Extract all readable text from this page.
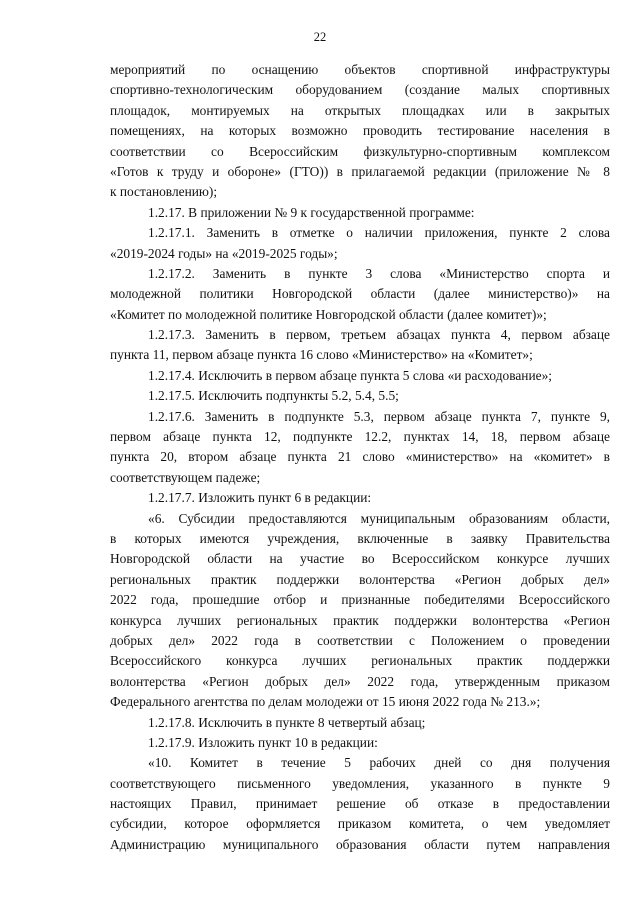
22
мероприятий по оснащению объектов спортивной инфраструктуры
спортивно-технологическим оборудованием (создание малых спортивных
площадок, монтируемых на открытых площадках или в закрытых
помещениях, на которых возможно проводить тестирование населения в
соответствии со Всероссийским физкультурно-спортивным комплексом
«Готов к труду и обороне» (ГТО)) в прилагаемой редакции (приложение № 8
к постановлению);
1.2.17. В приложении № 9 к государственной программе:
1.2.17.1. Заменить в отметке о наличии приложения, пункте 2 слова
«2019-2024 годы» на «2019-2025 годы»;
1.2.17.2. Заменить в пункте 3 слова «Министерство спорта и
молодежной политики Новгородской области (далее министерство)» на
«Комитет по молодежной политике Новгородской области (далее комитет)»;
1.2.17.3. Заменить в первом, третьем абзацах пункта 4, первом абзаце
пункта 11, первом абзаце пункта 16 слово «Министерство» на «Комитет»;
1.2.17.4. Исключить в первом абзаце пункта 5 слова «и расходование»;
1.2.17.5. Исключить подпункты 5.2, 5.4, 5.5;
1.2.17.6. Заменить в подпункте 5.3, первом абзаце пункта 7, пункте 9,
первом абзаце пункта 12, подпункте 12.2, пунктах 14, 18, первом абзаце
пункта 20, втором абзаце пункта 21 слово «министерство» на «комитет» в
соответствующем падеже;
1.2.17.7. Изложить пункт 6 в редакции:
«6. Субсидии предоставляются муниципальным образованиям области,
в которых имеются учреждения, включенные в заявку Правительства
Новгородской области на участие во Всероссийском конкурсе лучших
региональных практик поддержки волонтерства «Регион добрых дел»
2022 года, прошедшие отбор и признанные победителями Всероссийского
конкурса лучших региональных практик поддержки волонтерства «Регион
добрых дел» 2022 года в соответствии с Положением о проведении
Всероссийского конкурса лучших региональных практик поддержки
волонтерства «Регион добрых дел» 2022 года, утвержденным приказом
Федерального агентства по делам молодежи от 15 июня 2022 года № 213.»;
1.2.17.8. Исключить в пункте 8 четвертый абзац;
1.2.17.9. Изложить пункт 10 в редакции:
«10. Комитет в течение 5 рабочих дней со дня получения
соответствующего письменного уведомления, указанного в пункте 9
настоящих Правил, принимает решение об отказе в предоставлении
субсидии, которое оформляется приказом комитета, о чем уведомляет
Администрацию муниципального образования области путем направления
